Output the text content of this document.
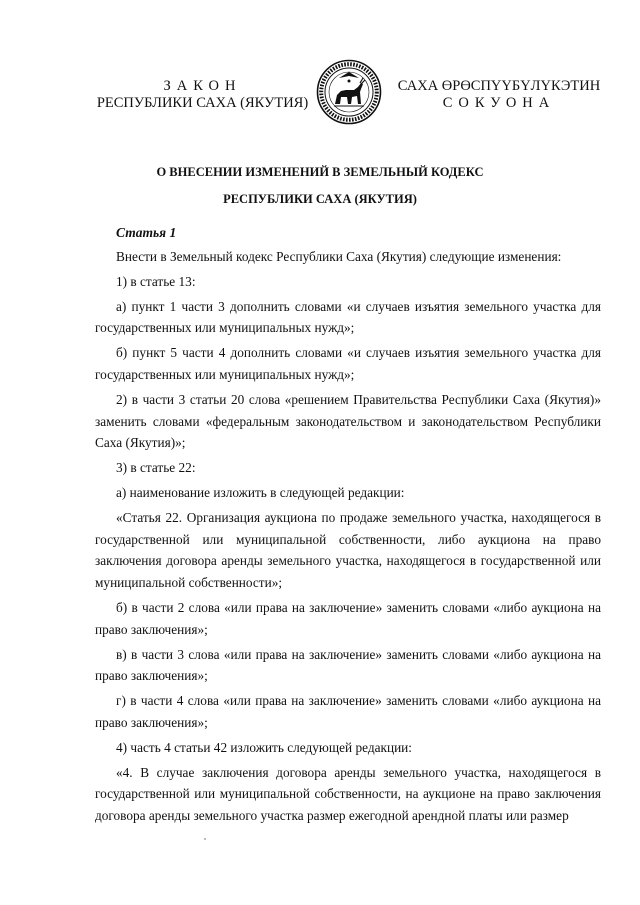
ЗАКОН
РЕСПУБЛИКИ САХА (ЯКУТИЯ)
САХА ӨРӨСПҮҮБҮЛҮКЭТИН
СОКУОНА
О ВНЕСЕНИИ ИЗМЕНЕНИЙ В ЗЕМЕЛЬНЫЙ КОДЕКС
РЕСПУБЛИКИ САХА (ЯКУТИЯ)
Статья 1

Внести в Земельный кодекс Республики Саха (Якутия) следующие изменения:

1) в статье 13:

а) пункт 1 части 3 дополнить словами «и случаев изъятия земельного участка для государственных или муниципальных нужд»;

б) пункт 5 части 4 дополнить словами «и случаев изъятия земельного участка для государственных или муниципальных нужд»;

2) в части 3 статьи 20 слова «решением Правительства Республики Саха (Якутия)» заменить словами «федеральным законодательством и законодательством Республики Саха (Якутия)»;

3) в статье 22:

а) наименование изложить в следующей редакции:

«Статья 22. Организация аукциона по продаже земельного участка, находящегося в государственной или муниципальной собственности, либо аукциона на право заключения договора аренды земельного участка, находящегося в государственной или муниципальной собственности»;

б) в части 2 слова «или права на заключение» заменить словами «либо аукциона на право заключения»;

в) в части 3 слова «или права на заключение» заменить словами «либо аукциона на право заключения»;

г) в части 4 слова «или права на заключение» заменить словами «либо аукциона на право заключения»;

4) часть 4 статьи 42 изложить следующей редакции:

«4. В случае заключения договора аренды земельного участка, находящегося в государственной или муниципальной собственности, на аукционе на право заключения договора аренды земельного участка размер ежегодной арендной платы или размер
